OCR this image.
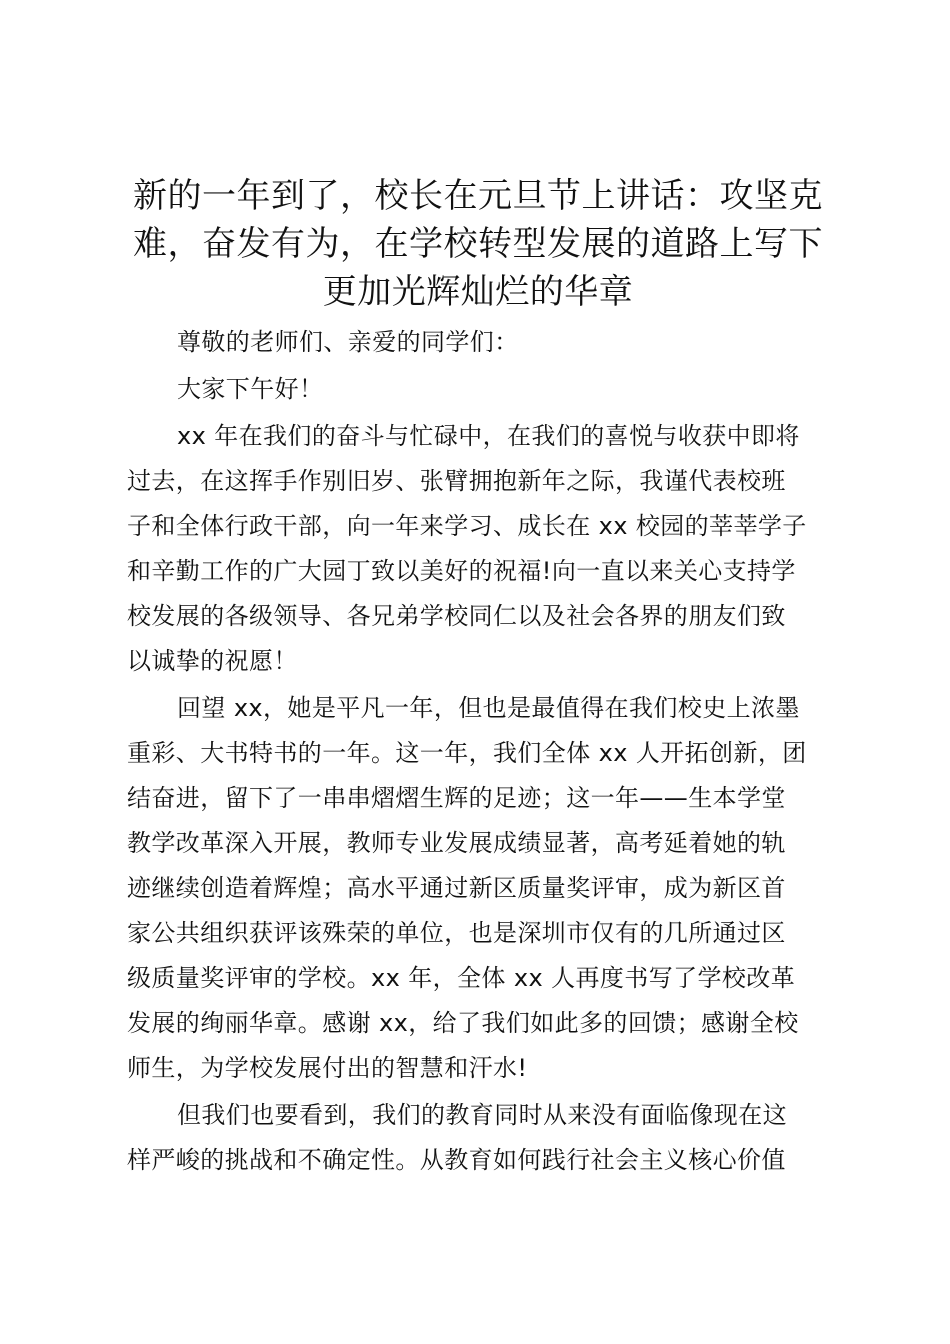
新的一年到了，校长在元旦节上讲话：攻坚克
难，奋发有为，在学校转型发展的道路上写下
更加光辉灿烂的华章

尊敬的老师们、亲爱的同学们：

大家下午好！

xx 年在我们的奋斗与忙碌中，在我们的喜悦与收获中即将
过去，在这挥手作别旧岁、张臂拥抱新年之际，我谨代表校班
子和全体行政干部，向一年来学习、成长在 xx 校园的莘莘学子
和辛勤工作的广大园丁致以美好的祝福!向一直以来关心支持学
校发展的各级领导、各兄弟学校同仁以及社会各界的朋友们致
以诚挚的祝愿！

回望 xx，她是平凡一年，但也是最值得在我们校史上浓墨
重彩、大书特书的一年。这一年，我们全体 xx 人开拓创新，团
结奋进，留下了一串串熠熠生辉的足迹；这一年——生本学堂
教学改革深入开展，教师专业发展成绩显著，高考延着她的轨
迹继续创造着辉煌；高水平通过新区质量奖评审，成为新区首
家公共组织获评该殊荣的单位，也是深圳市仅有的几所通过区
级质量奖评审的学校。xx 年，全体 xx 人再度书写了学校改革
发展的绚丽华章。感谢 xx，给了我们如此多的回馈；感谢全校
师生，为学校发展付出的智慧和汗水!

但我们也要看到，我们的教育同时从来没有面临像现在这
样严峻的挑战和不确定性。从教育如何践行社会主义核心价值
